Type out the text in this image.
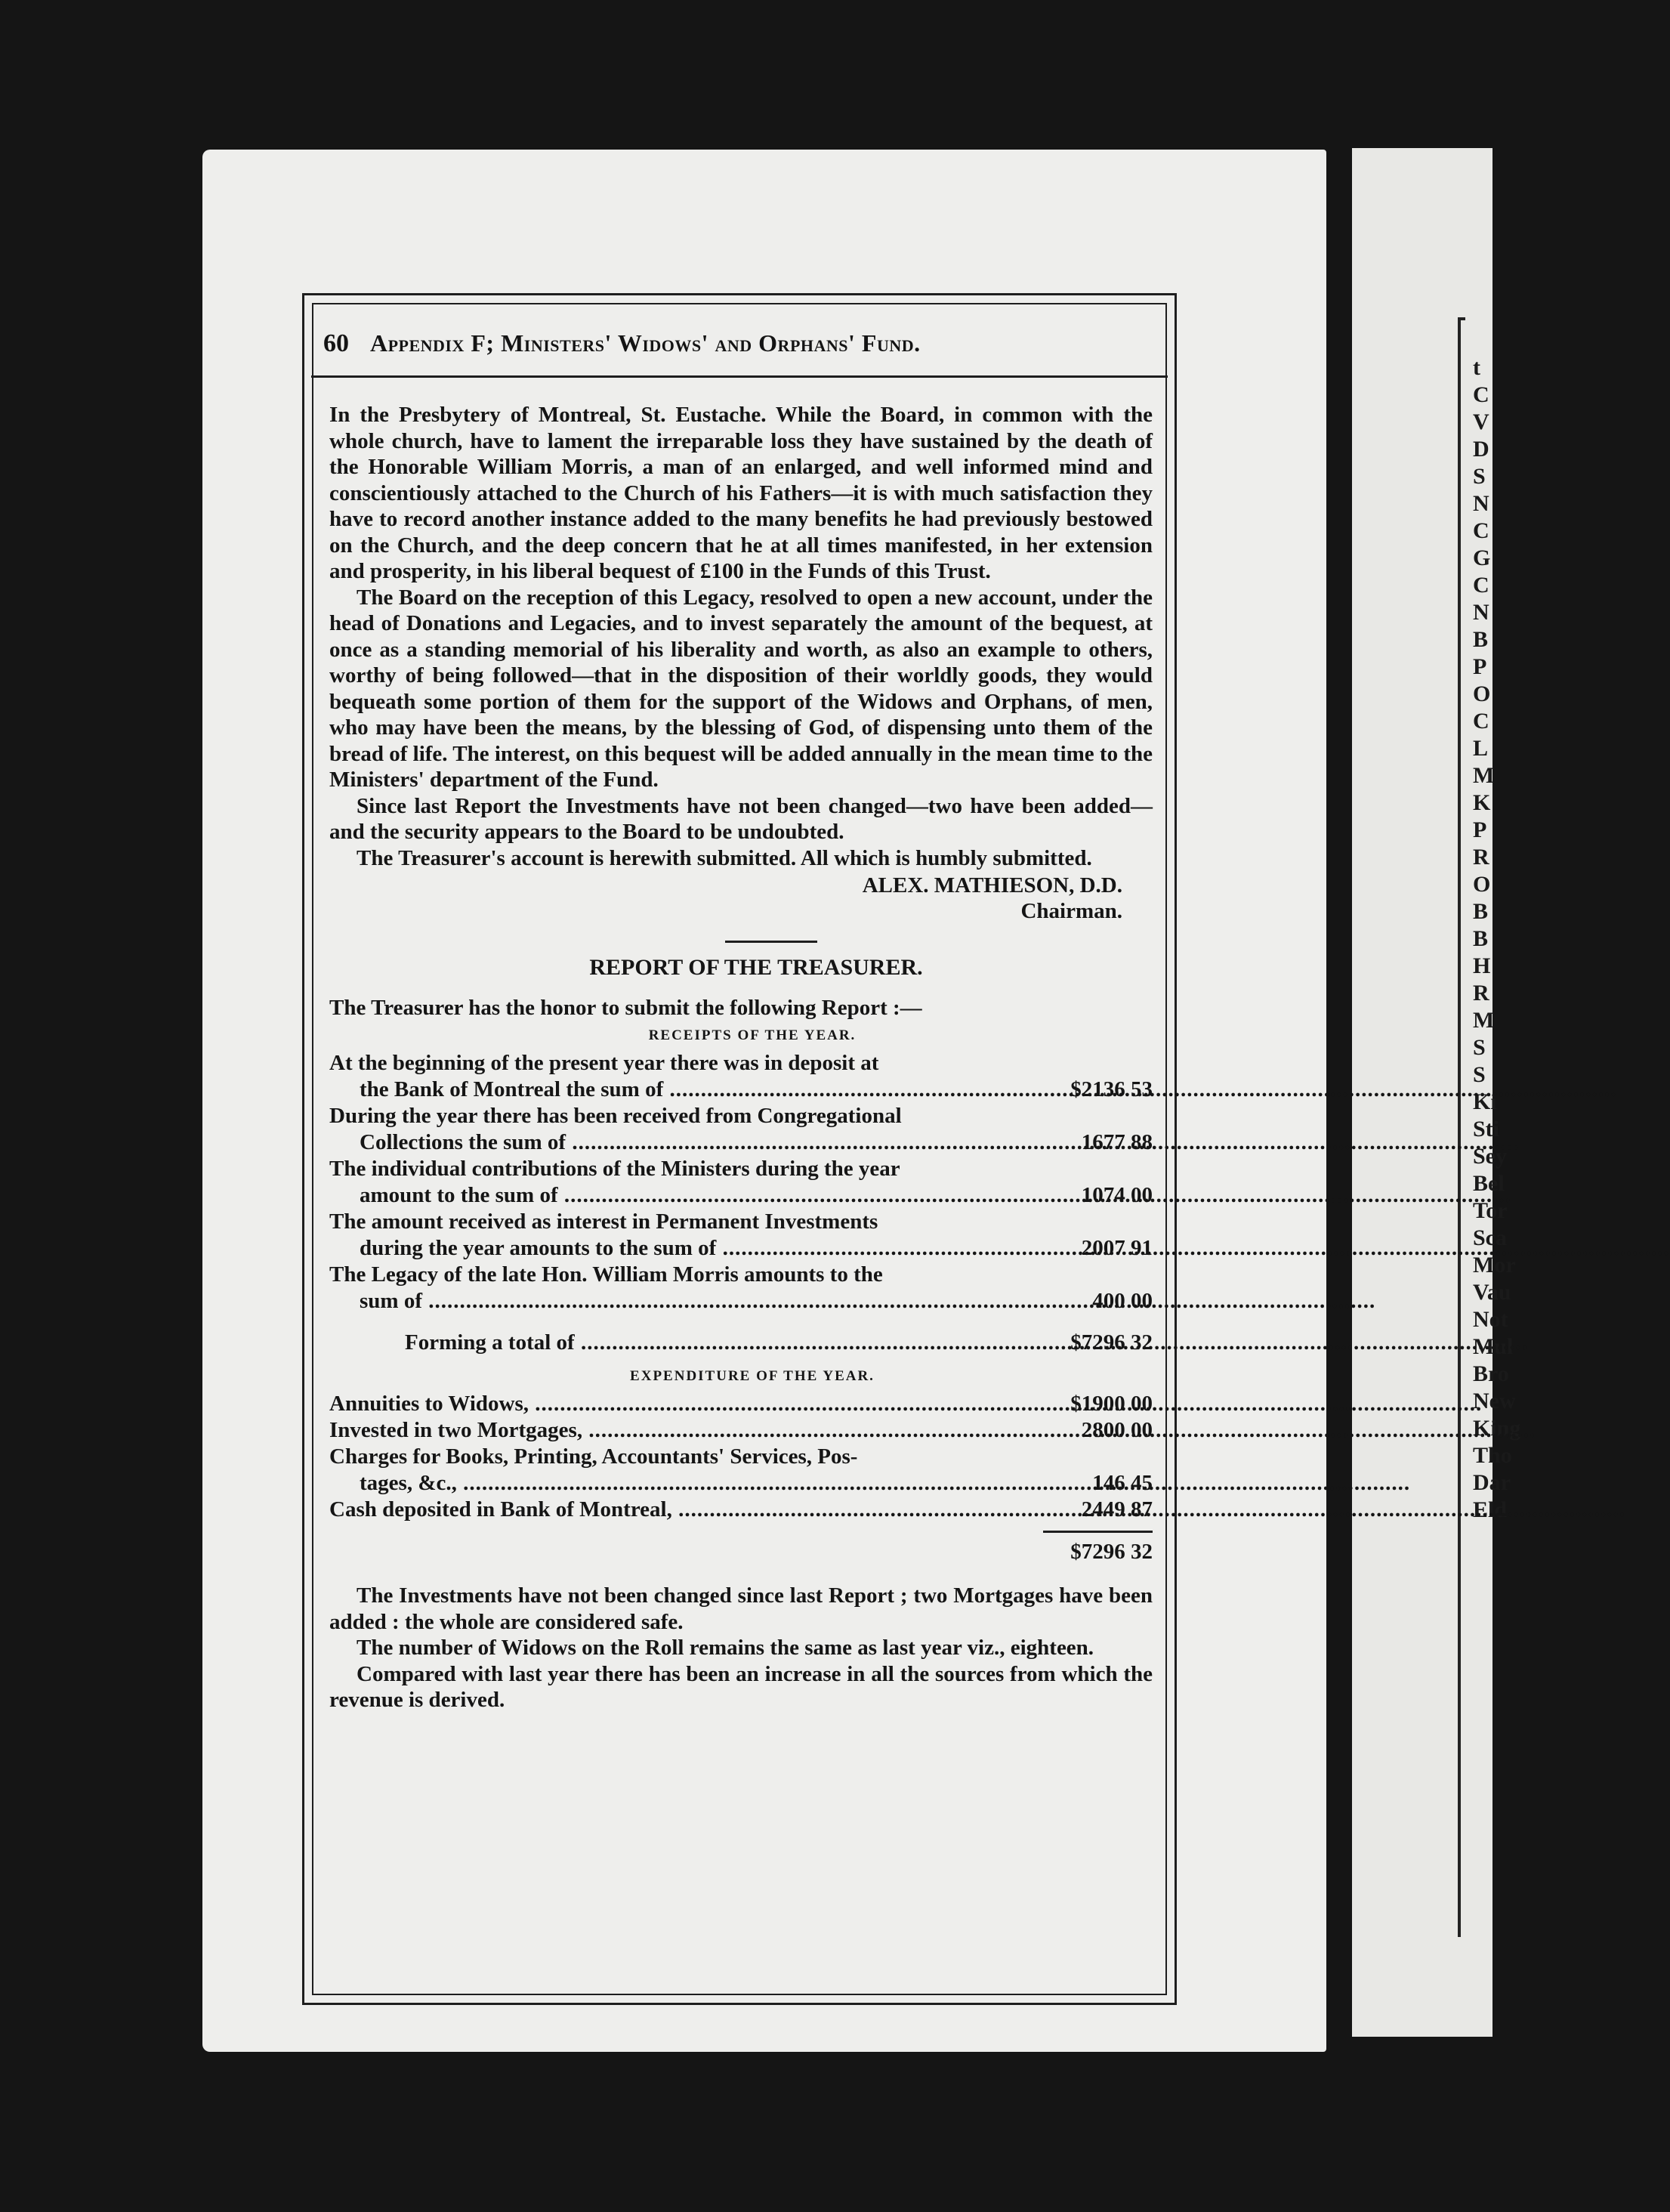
t
C
V
D
S
N
C
G
C
N
B
P
O
C
L
M
K
P
R
O
B
B
H
R
M
S
S
Ki
Sti
Sey
Bel
Tor
Sca
Mor
Vau
Not
Mul
Bro
New
King
Tho
Dar
Eld
60 Appendix F; Ministers' Widows' and Orphans' Fund.

In the Presbytery of Montreal, St. Eustache. While the Board, in common with the whole church, have to lament the irreparable loss they have sustained by the death of the Honorable William Morris, a man of an enlarged, and well informed mind and conscientiously attached to the Church of his Fathers—it is with much satisfaction they have to record another instance added to the many benefits he had previously bestowed on the Church, and the deep concern that he at all times manifested, in her extension and prosperity, in his liberal bequest of £100 in the Funds of this Trust.

The Board on the reception of this Legacy, resolved to open a new account, under the head of Donations and Legacies, and to invest separately the amount of the bequest, at once as a standing memorial of his liberality and worth, as also an example to others, worthy of being followed—that in the disposition of their worldly goods, they would bequeath some portion of them for the support of the Widows and Orphans, of men, who may have been the means, by the blessing of God, of dispensing unto them of the bread of life. The interest, on this bequest will be added annually in the mean time to the Ministers' department of the Fund.

Since last Report the Investments have not been changed—two have been added—and the security appears to the Board to be undoubted.

The Treasurer's account is herewith submitted. All which is humbly submitted.

ALEX. MATHIESON, D.D.
Chairman.
REPORT OF THE TREASURER.
The Treasurer has the honor to submit the following Report :—
RECEIPTS OF THE YEAR.
At the beginning of the present year there was in deposit at
the Bank of Montreal the sum of .....	$2136 53
During the year there has been received from Congregational
Collections the sum of .....	1677 88
The individual contributions of the Ministers during the year
amount to the sum of .....	1074 00
The amount received as interest in Permanent Investments
during the year amounts to the sum of .....	2007 91
The Legacy of the late Hon. William Morris amounts to the
sum of .....	400 00
Forming a total of .....	$7296 32
EXPENDITURE OF THE YEAR.
Annuities to Widows, .....	$1900 00
Invested in two Mortgages, .....	2800 00
Charges for Books, Printing, Accountants' Services, Pos-
tages, &c., .....	146 45
Cash deposited in Bank of Montreal, .....	2449 87
$7296 32

The Investments have not been changed since last Report ; two Mortgages have been added : the whole are considered safe.

The number of Widows on the Roll remains the same as last year viz., eighteen.

Compared with last year there has been an increase in all the sources from which the revenue is derived.
